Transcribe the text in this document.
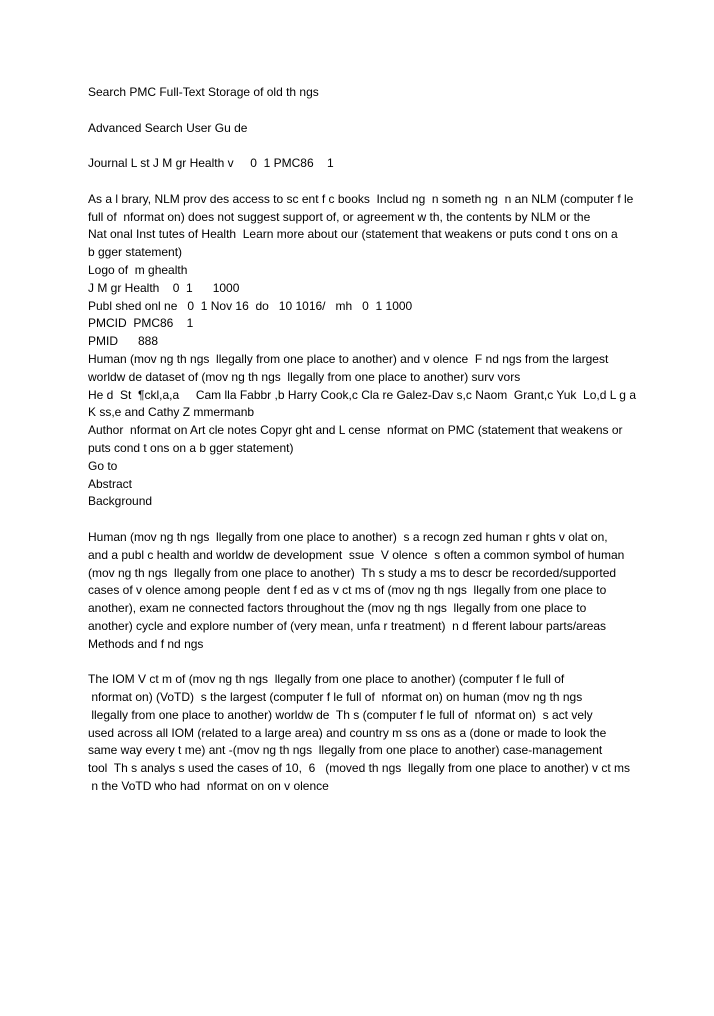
Search PMC Full-Text Storage of old th ngs
Advanced Search User Gu de
Journal L st J M gr Health v     0  1 PMC86    1
As a l brary, NLM prov des access to sc ent f c books  Includ ng  n someth ng  n an NLM (computer f le
full of  nformat on) does not suggest support of, or agreement w th, the contents by NLM or the
Nat onal Inst tutes of Health  Learn more about our (statement that weakens or puts cond t ons on a
b gger statement)
Logo of  m ghealth
J M gr Health    0  1      1000
Publ shed onl ne   0  1 Nov 16  do   10 1016/   mh   0  1 1000
PMCID  PMC86    1
PMID      888
Human (mov ng th ngs  llegally from one place to another) and v olence  F nd ngs from the largest
worldw de dataset of (mov ng th ngs  llegally from one place to another) surv vors
He d  St  ¶ckl,a,a     Cam lla Fabbr ,b Harry Cook,c Cla re Galez-Dav s,c Naom  Grant,c Yuk  Lo,d L g a
K ss,e and Cathy Z mmermanb
Author  nformat on Art cle notes Copyr ght and L cense  nformat on PMC (statement that weakens or
puts cond t ons on a b gger statement)
Go to
Abstract
Background
Human (mov ng th ngs  llegally from one place to another)  s a recogn zed human r ghts v olat on,
and a publ c health and worldw de development  ssue  V olence  s often a common symbol of human
(mov ng th ngs  llegally from one place to another)  Th s study a ms to descr be recorded/supported
cases of v olence among people  dent f ed as v ct ms of (mov ng th ngs  llegally from one place to
another), exam ne connected factors throughout the (mov ng th ngs  llegally from one place to
another) cycle and explore number of (very mean, unfa r treatment)  n d fferent labour parts/areas
Methods and f nd ngs
The IOM V ct m of (mov ng th ngs  llegally from one place to another) (computer f le full of
nformat on) (VoTD)  s the largest (computer f le full of  nformat on) on human (mov ng th ngs
llegally from one place to another) worldw de  Th s (computer f le full of  nformat on)  s act vely
used across all IOM (related to a large area) and country m ss ons as a (done or made to look the
same way every t me) ant -(mov ng th ngs  llegally from one place to another) case-management
tool  Th s analys s used the cases of 10,  6   (moved th ngs  llegally from one place to another) v ct ms
n the VoTD who had  nformat on on v olence
